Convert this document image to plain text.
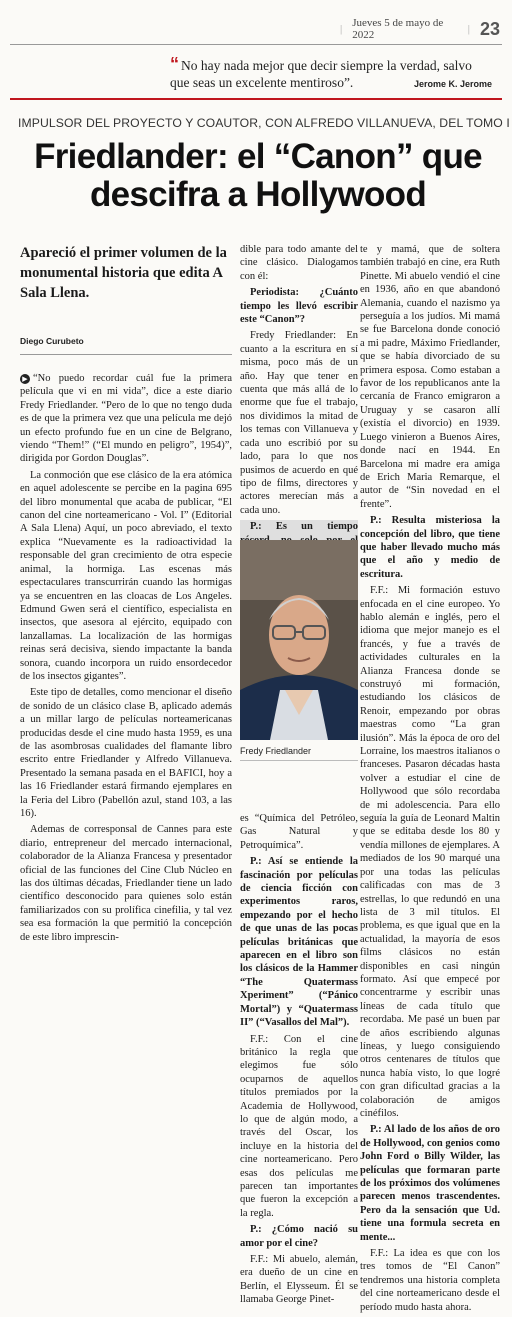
| Jueves 5 de mayo de 2022	| 23
“ No hay nada mejor que decir siempre la verdad, salvo que seas un excelente mentiroso”.	Jerome K. Jerome
IMPULSOR DEL PROYECTO Y COAUTOR, CON ALFREDO VILLANUEVA, DEL TOMO I
Friedlander: el “Canon” que descifra a Hollywood
Apareció el primer volumen de la monumental historia que edita A Sala Llena.
Diego Curubeto

▶ “No puedo recordar cuál fue la primera película que vi en mi vida”, dice a este diario Fredy Friedlander. “Pero de lo que no tengo duda es de que la primera vez que una película me dejó un efecto profundo fue en un cine de Belgrano, viendo “Them!” (“El mundo en peligro”, 1954)”, dirigida por Gordon Douglas”.

La conmoción que ese clásico de la era atómica en aquel adolescente se percibe en la pagina 695 del libro monumental que acaba de publicar, “El canon del cine norteamericano - Vol. I” (Editorial A Sala Llena) Aquí, un poco abreviado, el texto explica “Nuevamente es la radioactividad la responsable del gran crecimiento de otra especie animal, la hormiga. Las escenas más espectaculares transcurrirán cuando las hormigas ya se encuentren en las cloacas de Los Angeles. Edmund Gwen será el científico, especialista en insectos, que asesora al ejército, equipado con lanzallamas. La localización de las hormigas reinas será decisiva, siendo impactante la banda sonora, cuando incorpora un ruido ensordecedor de los insectos gigantes”.

Este tipo de detalles, como mencionar el diseño de sonido de un clásico clase B, aplicado además a un millar largo de películas norteamericanas producidas desde el cine mudo hasta 1959, es una de las asombrosas cualidades del flamante libro escrito entre Friedlander y Alfredo Villanueva. Presentado la semana pasada en el BAFICI, hoy a las 16 Friedlander estará firmando ejemplares en la Feria del Libro (Pabellón azul, stand 103, a las 16).

Ademas de corresponsal de Cannes para este diario, entrepreneur del mercado internacional, colaborador de la Alianza Francesa y presentador oficial de las funciones del Cine Club Núcleo en las dos últimas décadas, Friedlander tiene un lado científico desconocido para quienes solo están familiarizados con su prolífica cinefilia, y tal vez sea esa formación la que permitió la concepción de este libro imprescin-

dible para todo amante del cine clásico. Dialogamos con él:

Periodista: ¿Cuánto tiempo les llevó escribir este “Canon”?

Fredy Friedlander: En cuanto a la escritura en sí misma, poco más de un año. Hay que tener en cuenta que más allá de lo enorme que fue el trabajo, nos dividimos la mitad de los temas con Villanueva y cada uno escribió por su lado, para lo que nos pusimos de acuerdo en qué tipo de films, directores y actores merecían más a cada uno.

P.: Es un tiempo

Fredy Friedlander

es “Química del Petróleo, Gas Natural y Petroquímica”.

P.: Así se entiende la fascinación por películas de ciencia ficción con experimentos raros, empezando por el hecho de que unas de las pocas películas británicas que aparecen en el libro son los clásicos de la Hammer “The Quatermass Xperiment” (“Pánico Mortal”) y “Quatermass II” (“Vasallos del Mal”).

F.F.: Con el cine británico la regla que elegimos fue sólo ocuparnos de aquellos títulos premiados por la Academia de Hollywood, lo que de algún modo, a través del Oscar, los incluye en la historia del cine norteamericano. Pero esas dos películas me parecen tan importantes que fueron la excepción a la regla.

P.: ¿Cómo nació su amor por el cine?

F.F.: Mi abuelo, alemán, era dueño de un cine en Berlín, el Elysseum. Él se llamaba George Pinet-

te y mamá, que de soltera también trabajó en cine, era Ruth Pinette. Mi abuelo vendió el cine en 1936, año en que abandonó Alemania, cuando el nazismo ya perseguía a los judíos. Mi mamá se fue Barcelona donde conoció a mi padre, Máximo Friedlander, que se había divorciado de su primera esposa. Como estaban a favor de los republicanos ante la cercanía de Franco emigraron a Uruguay y se casaron allí (existía el divorcio) en 1939. Luego vinieron a Buenos Aires, donde nací en 1944. En Barcelona mi madre era amiga de Erich Maria Remarque, el autor de “Sin novedad en el frente”.

P.: Resulta misteriosa la concepción del libro, que tiene que haber llevado mucho más que el año y medio de escritura.

F.F.: Mi formación estuvo enfocada en el cine europeo. Yo hablo alemán e inglés, pero el idioma que mejor manejo es el francés, y fue a través de actividades culturales en la Alianza Francesa donde se construyó mi formación, estudiando los clásicos de Renoir, empezando por obras maestras como “La gran ilusión”. Más la época de oro del Lorraine, los maestros italianos o franceses. Pasaron décadas hasta volver a estudiar el cine de Hollywood que sólo recordaba de mi adolescencia. Para ello seguía la guía de Leonard Maltin que se editaba desde los 80 y vendía millones de ejemplares. A mediados de los 90 marqué una por una todas las películas calificadas con mas de 3 estrellas, lo que redundó en una lista de 3 mil títulos. El problema, es que igual que en la actualidad, la mayoría de esos films clásicos no están disponibles en casi ningún formato. Así que empecé por concentrarme y escribir unas líneas de cada título que recordaba. Me pasé un buen par de años escribiendo algunas líneas, y luego consiguiendo otros centenares de títulos que nunca había visto, lo que logré con gran dificultad gracias a la colaboración de amigos cinéfilos.

P.: Al lado de los años de oro de Hollywood, con genios como John Ford o Billy Wilder, las películas que formaran parte de los próximos dos volúmenes parecen menos trascendentes. Pero da la sensación que Ud. tiene una formula secreta en mente...

F.F.: La idea es que con los tres tomos de “El Canon” tendremos una historia completa del cine norteamericano desde el período mudo hasta ahora.
